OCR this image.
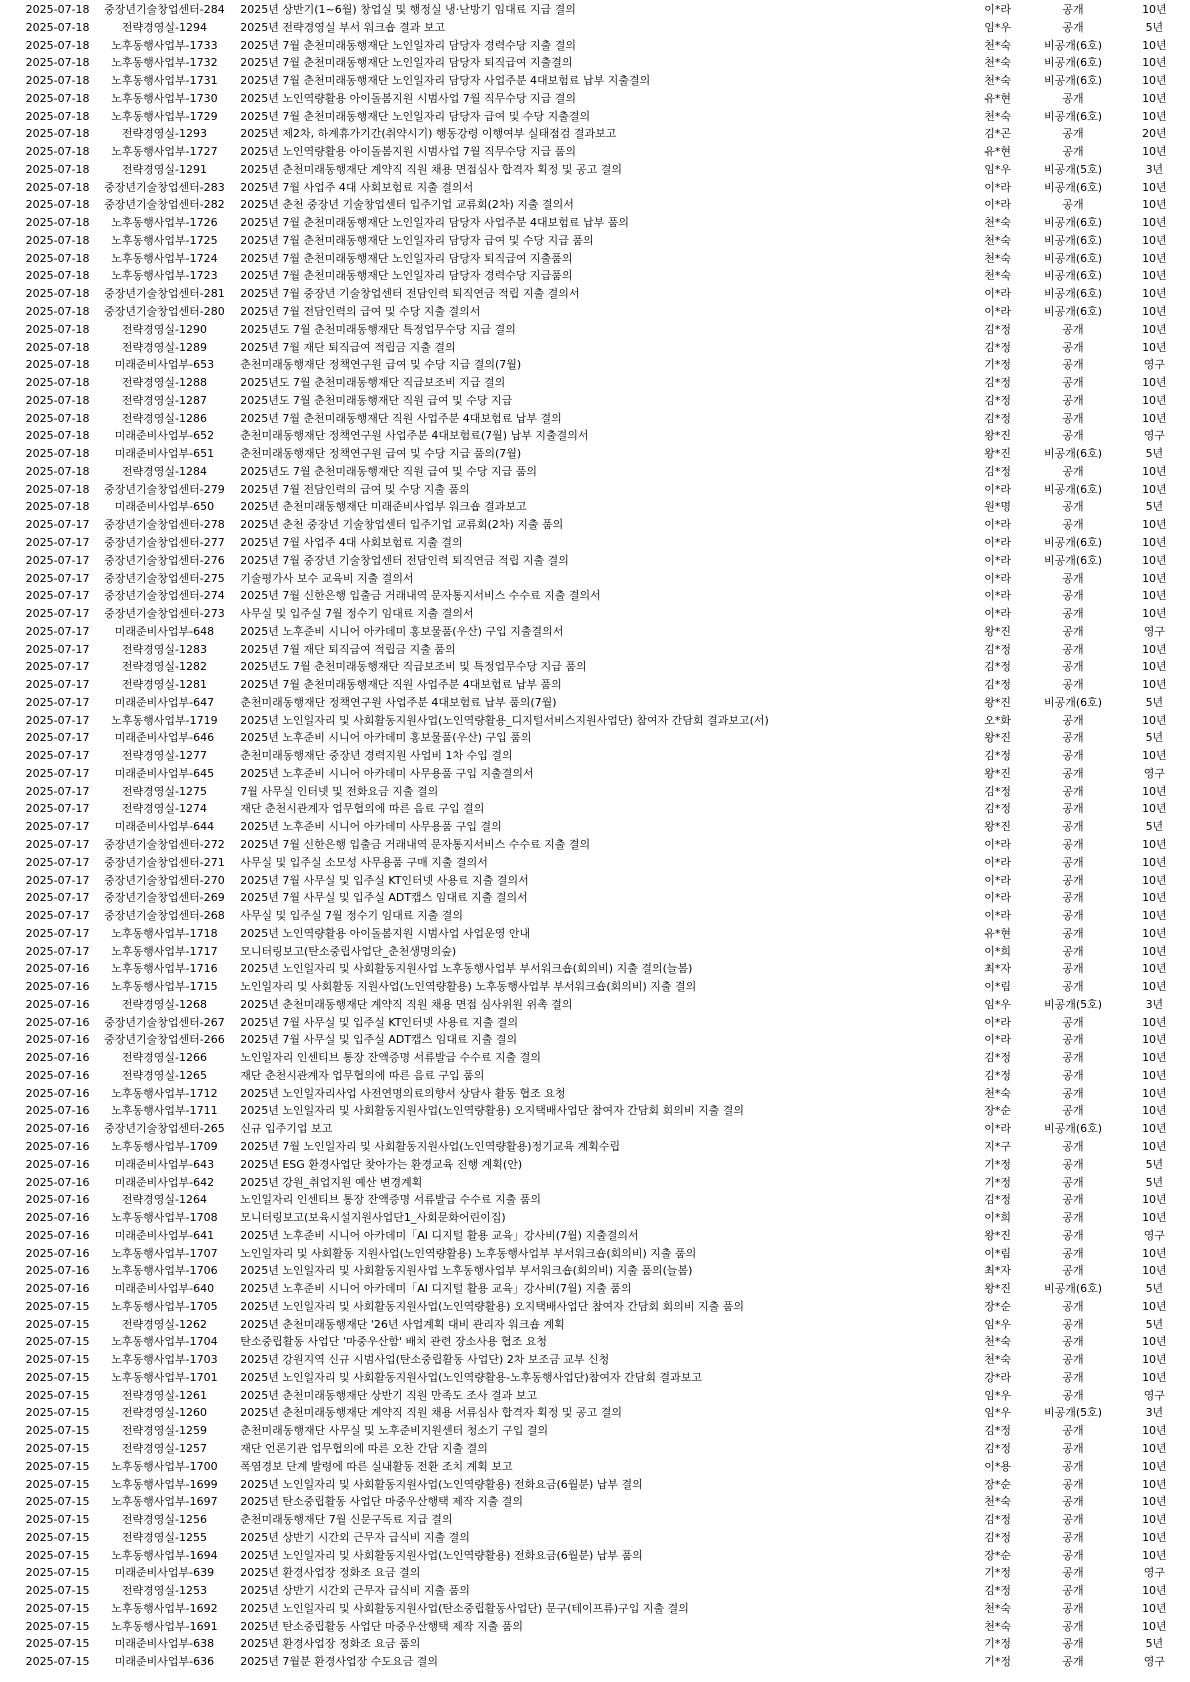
2025-07-18	중장년기술창업센터-284	2025년 상반기(1~6월) 창업실 및 행정실 냉·난방기 임대료 지급 결의	이*라	공개	10년
2025-07-18	전략경영실-1294	2025년 전략경영실 부서 워크숍 결과 보고	임*우	공개	5년
2025-07-18	노후동행사업부-1733	2025년 7월 춘천미래동행재단 노인일자리 담당자 경력수당 지출 결의	천*숙	비공개(6호)	10년
2025-07-18	노후동행사업부-1732	2025년 7월 춘천미래동행재단 노인일자리 담당자 퇴직급여 지출결의	천*숙	비공개(6호)	10년
2025-07-18	노후동행사업부-1731	2025년 7월 춘천미래동행재단 노인일자리 담당자 사업주분 4대보험료 납부 지출결의	천*숙	비공개(6호)	10년
2025-07-18	노후동행사업부-1730	2025년 노인역량활용 아이돌봄지원 시범사업 7월 직무수당 지급 결의	유*현	공개	10년
2025-07-18	노후동행사업부-1729	2025년 7월 춘천미래동행재단 노인일자리 담당자 급여 및 수당 지출결의	천*숙	비공개(6호)	10년
2025-07-18	전략경영실-1293	2025년 제2차, 하계휴가기간(취약시기) 행동강령 이행여부 실태점검 결과보고	김*곤	공개	20년
2025-07-18	노후동행사업부-1727	2025년 노인역량활용 아이돌봄지원 시범사업 7월 직무수당 지급 품의	유*현	공개	10년
2025-07-18	전략경영실-1291	2025년 춘천미래동행재단 계약직 직원 채용 면접심사 합격자 획정 및 공고 결의	임*우	비공개(5호)	3년
2025-07-18	중장년기술창업센터-283	2025년 7월 사업주 4대 사회보험료 지출 결의서	이*라	비공개(6호)	10년
2025-07-18	중장년기술창업센터-282	2025년 춘천 중장년 기술창업센터 입주기업 교류회(2차) 지출 결의서	이*라	공개	10년
2025-07-18	노후동행사업부-1726	2025년 7월 춘천미래동행재단 노인일자리 담당자 사업주분 4대보험료 납부 품의	천*숙	비공개(6호)	10년
2025-07-18	노후동행사업부-1725	2025년 7월 춘천미래동행재단 노인일자리 담당자 급여 및 수당 지급 품의	천*숙	비공개(6호)	10년
2025-07-18	노후동행사업부-1724	2025년 7월 춘천미래동행재단 노인일자리 담당자 퇴직급여 지출품의	천*숙	비공개(6호)	10년
2025-07-18	노후동행사업부-1723	2025년 7월 춘천미래동행재단 노인일자리 담당자 경력수당 지급품의	천*숙	비공개(6호)	10년
2025-07-18	중장년기술창업센터-281	2025년 7월 중장년 기술창업센터 전담인력 퇴직연금 적립 지출 결의서	이*라	비공개(6호)	10년
2025-07-18	중장년기술창업센터-280	2025년 7월 전담인력의 급여 및 수당 지출 결의서	이*라	비공개(6호)	10년
2025-07-18	전략경영실-1290	2025년도 7월 춘천미래동행재단 특정업무수당 지급 결의	김*정	공개	10년
2025-07-18	전략경영실-1289	2025년 7월 재단 퇴직급여 적립금 지출 결의	김*정	공개	10년
2025-07-18	미래준비사업부-653	춘천미래동행재단 정책연구원 급여 및 수당 지급 결의(7월)	기*정	공개	영구
2025-07-18	전략경영실-1288	2025년도 7월 춘천미래동행재단 직급보조비 지급 결의	김*정	공개	10년
2025-07-18	전략경영실-1287	2025년도 7월 춘천미래동행재단 직원 급여 및 수당 지급	김*정	공개	10년
2025-07-18	전략경영실-1286	2025년 7월 춘천미래동행재단 직원 사업주분 4대보험료 납부 결의	김*정	공개	10년
2025-07-18	미래준비사업부-652	춘천미래동행재단 정책연구원 사업주분 4대보험료(7월) 납부 지출결의서	왕*진	공개	영구
2025-07-18	미래준비사업부-651	춘천미래동행재단 정책연구원 급여 및 수당 지급 품의(7월)	왕*진	비공개(6호)	5년
2025-07-18	전략경영실-1284	2025년도 7월 춘천미래동행재단 직원 급여 및 수당 지급 품의	김*정	공개	10년
2025-07-18	중장년기술창업센터-279	2025년 7월 전담인력의 급여 및 수당 지출 품의	이*라	비공개(6호)	10년
2025-07-18	미래준비사업부-650	2025년 춘천미래동행재단 미래준비사업부 워크숍 결과보고	원*명	공개	5년
2025-07-17	중장년기술창업센터-278	2025년 춘천 중장년 기술창업센터 입주기업 교류회(2차) 지출 품의	이*라	공개	10년
2025-07-17	중장년기술창업센터-277	2025년 7월 사업주 4대 사회보험료 지출 결의	이*라	비공개(6호)	10년
2025-07-17	중장년기술창업센터-276	2025년 7월 중장년 기술창업센터 전담인력 퇴직연금 적립 지출 결의	이*라	비공개(6호)	10년
2025-07-17	중장년기술창업센터-275	기술평가사 보수 교육비 지출 결의서	이*라	공개	10년
2025-07-17	중장년기술창업센터-274	2025년 7월 신한은행 입출금 거래내역 문자통지서비스 수수료 지출 결의서	이*라	공개	10년
2025-07-17	중장년기술창업센터-273	사무실 및 입주실 7월 정수기 임대료 지출 결의서	이*라	공개	10년
2025-07-17	미래준비사업부-648	2025년 노후준비 시니어 아카데미 홍보물품(우산) 구입 지출결의서	왕*진	공개	영구
2025-07-17	전략경영실-1283	2025년 7월 재단 퇴직급여 적립금 지출 품의	김*정	공개	10년
2025-07-17	전략경영실-1282	2025년도 7월 춘천미래동행재단 직급보조비 및 특정업무수당 지급 품의	김*정	공개	10년
2025-07-17	전략경영실-1281	2025년 7월 춘천미래동행재단 직원 사업주분 4대보험료 납부 품의	김*정	공개	10년
2025-07-17	미래준비사업부-647	춘천미래동행재단 정책연구원 사업주분 4대보험료 납부 품의(7월)	왕*진	비공개(6호)	5년
2025-07-17	노후동행사업부-1719	2025년 노인일자리 및 사회활동지원사업(노인역량활용_디지털서비스지원사업단) 참여자 간담회 결과보고(서)	오*화	공개	10년
2025-07-17	미래준비사업부-646	2025년 노후준비 시니어 아카데미 홍보물품(우산) 구입 품의	왕*진	공개	5년
2025-07-17	전략경영실-1277	춘천미래동행재단 중장년 경력지원 사업비 1차 수입 결의	김*정	공개	10년
2025-07-17	미래준비사업부-645	2025년 노후준비 시니어 아카데미 사무용품 구입 지출결의서	왕*진	공개	영구
2025-07-17	전략경영실-1275	7월 사무실 인터넷 및 전화요금 지출 결의	김*정	공개	10년
2025-07-17	전략경영실-1274	재단 춘천시관계자 업무협의에 따른 음료 구입 결의	김*정	공개	10년
2025-07-17	미래준비사업부-644	2025년 노후준비 시니어 아카데미 사무용품 구입 결의	왕*진	공개	5년
2025-07-17	중장년기술창업센터-272	2025년 7월 신한은행 입출금 거래내역 문자통지서비스 수수료 지출 결의	이*라	공개	10년
2025-07-17	중장년기술창업센터-271	사무실 및 입주실 소모성 사무용품 구매 지출 결의서	이*라	공개	10년
2025-07-17	중장년기술창업센터-270	2025년 7월 사무실 및 입주실 KT인터넷 사용료 지출 결의서	이*라	공개	10년
2025-07-17	중장년기술창업센터-269	2025년 7월 사무실 및 입주실 ADT캡스 임대료 지출 결의서	이*라	공개	10년
2025-07-17	중장년기술창업센터-268	사무실 및 입주실 7월 정수기 임대료 지출 결의	이*라	공개	10년
2025-07-17	노후동행사업부-1718	2025년 노인역량활용 아이돌봄지원 시범사업 사업운영 안내	유*현	공개	10년
2025-07-17	노후동행사업부-1717	모니터링보고(탄소중립사업단_춘천생명의숲)	이*희	공개	10년
2025-07-16	노후동행사업부-1716	2025년 노인일자리 및 사회활동지원사업 노후동행사업부 부서워크숍(회의비) 지출 결의(늘봄)	최*자	공개	10년
2025-07-16	노후동행사업부-1715	노인일자리 및 사회활동 지원사업(노인역량활용) 노후동행사업부 부서워크숍(회의비) 지출 결의	이*림	공개	10년
2025-07-16	전략경영실-1268	2025년 춘천미래동행재단 계약직 직원 채용 면접 심사위원 위촉 결의	임*우	비공개(5호)	3년
2025-07-16	중장년기술창업센터-267	2025년 7월 사무실 및 입주실 KT인터넷 사용료 지출 결의	이*라	공개	10년
2025-07-16	중장년기술창업센터-266	2025년 7월 사무실 및 입주실 ADT캡스 임대료 지출 결의	이*라	공개	10년
2025-07-16	전략경영실-1266	노인일자리 인센티브 통장 잔액증명 서류발급 수수료 지출 결의	김*정	공개	10년
2025-07-16	전략경영실-1265	재단 춘천시관계자 업무협의에 따른 음료 구입 품의	김*정	공개	10년
2025-07-16	노후동행사업부-1712	2025년 노인일자리사업 사전연명의료의향서 상담사 활동 협조 요청	천*숙	공개	10년
2025-07-16	노후동행사업부-1711	2025년 노인일자리 및 사회활동지원사업(노인역량활용) 오지택배사업단 참여자 간담회 회의비 지출 결의	장*순	공개	10년
2025-07-16	중장년기술창업센터-265	신규 입주기업 보고	이*라	비공개(6호)	10년
2025-07-16	노후동행사업부-1709	2025년 7월 노인일자리 및 사회활동지원사업(노인역량활용)정기교육 계획수립	지*구	공개	10년
2025-07-16	미래준비사업부-643	2025년 ESG 환경사업단 찾아가는 환경교육 진행 계획(안)	기*정	공개	5년
2025-07-16	미래준비사업부-642	2025년 강원_취업지원 예산 변경계획	기*정	공개	5년
2025-07-16	전략경영실-1264	노인일자리 인센티브 통장 잔액증명 서류발급 수수료 지출 품의	김*정	공개	10년
2025-07-16	노후동행사업부-1708	모니터링보고(보육시설지원사업단1_사회문화어린이집)	이*희	공개	10년
2025-07-16	미래준비사업부-641	2025년 노후준비 시니어 아카데미「AI 디지털 활용 교육」강사비(7월) 지출결의서	왕*진	공개	영구
2025-07-16	노후동행사업부-1707	노인일자리 및 사회활동 지원사업(노인역량활용) 노후동행사업부 부서워크숍(회의비) 지출 품의	이*림	공개	10년
2025-07-16	노후동행사업부-1706	2025년 노인일자리 및 사회활동지원사업 노후동행사업부 부서워크숍(회의비) 지출 품의(늘봄)	최*자	공개	10년
2025-07-16	미래준비사업부-640	2025년 노후준비 시니어 아카데미「AI 디지털 활용 교육」강사비(7월) 지출 품의	왕*진	비공개(6호)	5년
2025-07-15	노후동행사업부-1705	2025년 노인일자리 및 사회활동지원사업(노인역량활용) 오지택배사업단 참여자 간담회 회의비 지출 품의	장*순	공개	10년
2025-07-15	전략경영실-1262	2025년 춘천미래동행재단 '26년 사업계획 대비 관리자 워크숍 계획	임*우	공개	5년
2025-07-15	노후동행사업부-1704	탄소중립활동 사업단 '마중우산함' 배치 관련 장소사용 협조 요청	천*숙	공개	10년
2025-07-15	노후동행사업부-1703	2025년 강원지역 신규 시범사업(탄소중립활동 사업단) 2차 보조금 교부 신청	천*숙	공개	10년
2025-07-15	노후동행사업부-1701	2025년 노인일자리 및 사회활동지원사업(노인역량활용-노후동행사업단)참여자 간담회 결과보고	강*라	공개	10년
2025-07-15	전략경영실-1261	2025년 춘천미래동행재단 상반기 직원 만족도 조사 결과 보고	임*우	공개	영구
2025-07-15	전략경영실-1260	2025년 춘천미래동행재단 계약직 직원 채용 서류심사 합격자 획정 및 공고 결의	임*우	비공개(5호)	3년
2025-07-15	전략경영실-1259	춘천미래동행재단 사무실 및 노후준비지원센터 청소기 구입 결의	김*정	공개	10년
2025-07-15	전략경영실-1257	재단 언론기관 업무협의에 따른 오찬 간담 지출 결의	김*정	공개	10년
2025-07-15	노후동행사업부-1700	폭염경보 단계 발령에 따른 실내활동 전환 조치 계획 보고	이*용	공개	10년
2025-07-15	노후동행사업부-1699	2025년 노인일자리 및 사회활동지원사업(노인역량활용) 전화요금(6월분) 납부 결의	장*순	공개	10년
2025-07-15	노후동행사업부-1697	2025년 탄소중립활동 사업단 마중우산행택 제작 지출 결의	천*숙	공개	10년
2025-07-15	전략경영실-1256	춘천미래동행재단 7월 신문구독료 지급 결의	김*정	공개	10년
2025-07-15	전략경영실-1255	2025년 상반기 시간외 근무자 급식비 지출 결의	김*정	공개	10년
2025-07-15	노후동행사업부-1694	2025년 노인일자리 및 사회활동지원사업(노인역량활용) 전화요금(6월분) 납부 품의	장*순	공개	10년
2025-07-15	미래준비사업부-639	2025년 환경사업장 정화조 요금 결의	기*정	공개	영구
2025-07-15	전략경영실-1253	2025년 상반기 시간외 근무자 급식비 지출 품의	김*정	공개	10년
2025-07-15	노후동행사업부-1692	2025년 노인일자리 및 사회활동지원사업(탄소중립활동사업단) 문구(테이프류)구입 지출 결의	천*숙	공개	10년
2025-07-15	노후동행사업부-1691	2025년 탄소중립활동 사업단 마중우산행택 제작 지출 품의	천*숙	공개	10년
2025-07-15	미래준비사업부-638	2025년 환경사업장 정화조 요금 품의	기*정	공개	5년
2025-07-15	미래준비사업부-636	2025년 7월분 환경사업장 수도요금 결의	기*정	공개	영구
